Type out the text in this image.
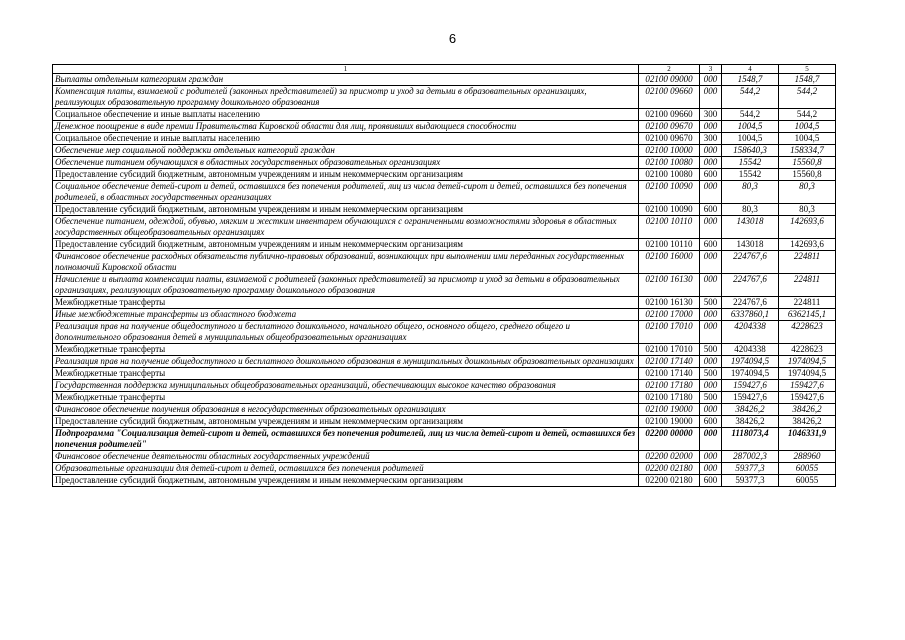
6
1	2	3	4	5
Выплаты отдельным категориям граждан	02100 09000	000	1548,7	1548,7
Компенсация платы, взимаемой с родителей (законных представителей) за присмотр и уход за детьми в образовательных организациях, реализующих образовательную программу дошкольного образования	02100 09660	000	544,2	544,2
Социальное обеспечение и иные выплаты населению	02100 09660	300	544,2	544,2
Денежное поощрение в виде премии Правительства Кировской области для лиц, проявивших выдающиеся способности	02100 09670	000	1004,5	1004,5
Социальное обеспечение и иные выплаты населению	02100 09670	300	1004,5	1004,5
Обеспечение мер социальной поддержки отдельных категорий граждан	02100 10000	000	158640,3	158334,7
Обеспечение питанием обучающихся в областных государственных образовательных организациях	02100 10080	000	15542	15560,8
Предоставление субсидий бюджетным, автономным учреждениям и иным некоммерческим организациям	02100 10080	600	15542	15560,8
Социальное обеспечение детей-сирот и детей, оставшихся без попечения родителей, лиц из числа детей-сирот и детей, оставшихся без попечения родителей, в областных государственных организациях	02100 10090	000	80,3	80,3
Предоставление субсидий бюджетным, автономным учреждениям и иным некоммерческим организациям	02100 10090	600	80,3	80,3
Обеспечение питанием, одеждой, обувью, мягким и жестким инвентарем обучающихся с ограниченными возможностями здоровья в областных государственных общеобразовательных организациях	02100 10110	000	143018	142693,6
Предоставление субсидий бюджетным, автономным учреждениям и иным некоммерческим организациям	02100 10110	600	143018	142693,6
Финансовое обеспечение расходных обязательств публично-правовых образований, возникающих при выполнении ими переданных государственных полномочий Кировской области	02100 16000	000	224767,6	224811
Начисление и выплата компенсации платы, взимаемой с родителей (законных представителей) за присмотр и уход за детьми в образовательных организациях, реализующих образовательную программу дошкольного образования	02100 16130	000	224767,6	224811
Межбюджетные трансферты	02100 16130	500	224767,6	224811
Иные межбюджетные трансферты из областного бюджета	02100 17000	000	6337860,1	6362145,1
Реализация прав на получение общедоступного и бесплатного дошкольного, начального общего, основного общего, среднего общего и дополнительного образования детей в муниципальных общеобразовательных организациях	02100 17010	000	4204338	4228623
Межбюджетные трансферты	02100 17010	500	4204338	4228623
Реализация прав на получение общедоступного и бесплатного дошкольного образования в муниципальных дошкольных образовательных организациях	02100 17140	000	1974094,5	1974094,5
Межбюджетные трансферты	02100 17140	500	1974094,5	1974094,5
Государственная поддержка муниципальных общеобразовательных организаций, обеспечивающих высокое качество образования	02100 17180	000	159427,6	159427,6
Межбюджетные трансферты	02100 17180	500	159427,6	159427,6
Финансовое обеспечение получения образования в негосударственных образовательных организациях	02100 19000	000	38426,2	38426,2
Предоставление субсидий бюджетным, автономным учреждениям и иным некоммерческим организациям	02100 19000	600	38426,2	38426,2
Подпрограмма "Социализация детей-сирот и детей, оставшихся без попечения родителей, лиц из числа детей-сирот и детей, оставшихся без попечения родителей"	02200 00000	000	1118073,4	1046331,9
Финансовое обеспечение деятельности областных государственных учреждений	02200 02000	000	287002,3	288960
Образовательные организации для детей-сирот и детей, оставшихся без попечения родителей	02200 02180	000	59377,3	60055
Предоставление субсидий бюджетным, автономным учреждениям и иным некоммерческим организациям	02200 02180	600	59377,3	60055
